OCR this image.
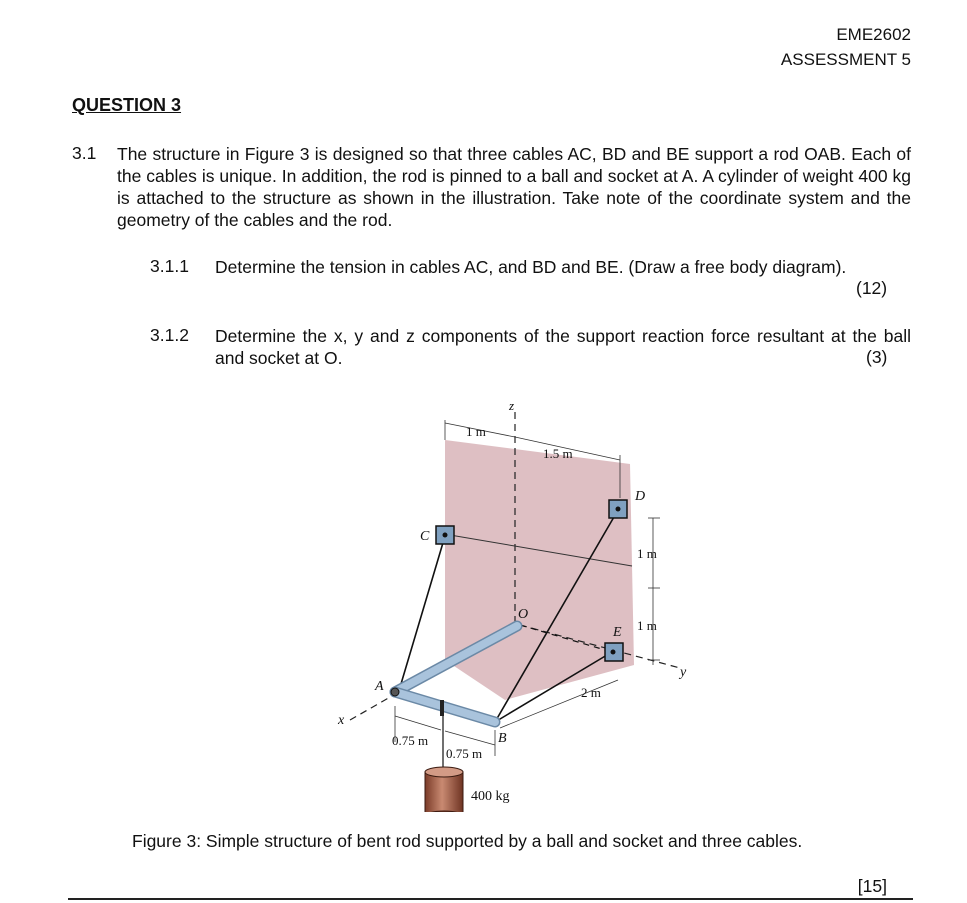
EME2602
ASSESSMENT 5
QUESTION 3
3.1 The structure in Figure 3 is designed so that three cables AC, BD and BE support a rod OAB. Each of the cables is unique. In addition, the rod is pinned to a ball and socket at A. A cylinder of weight 400 kg is attached to the structure as shown in the illustration. Take note of the coordinate system and the geometry of the cables and the rod.
3.1.1 Determine the tension in cables AC, and BD and BE. (Draw a free body diagram).
(12)
3.1.2 Determine the x, y and z components of the support reaction force resultant at the ball and socket at O.	(3)
z
x
y
O
A
B
C
D
E
1 m
1.5 m
1 m
1 m
2 m
0.75 m
0.75 m
400 kg
Figure 3: Simple structure of bent rod supported by a ball and socket and three cables.
[15]
